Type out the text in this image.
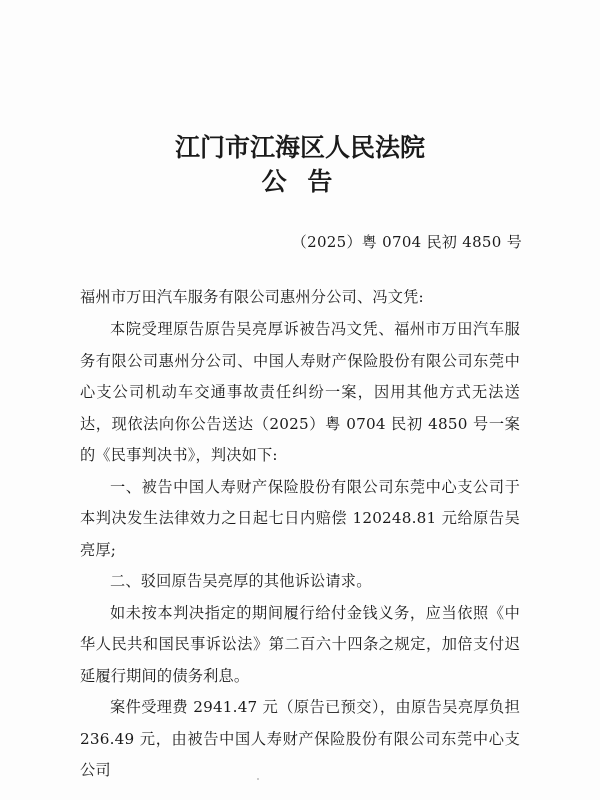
江门市江海区人民法院
公 告
（2025）粤 0704 民初 4850 号
福州市万田汽车服务有限公司惠州分公司、冯文凭:

本院受理原告原告吴亮厚诉被告冯文凭、福州市万田汽车服务有限公司惠州分公司、中国人寿财产保险股份有限公司东莞中心支公司机动车交通事故责任纠纷一案，因用其他方式无法送达，现依法向你公告送达（2025）粤 0704 民初 4850 号一案的《民事判决书》，判决如下:

一、被告中国人寿财产保险股份有限公司东莞中心支公司于本判决发生法律效力之日起七日内赔偿 120248.81 元给原告吴亮厚;

二、驳回原告吴亮厚的其他诉讼请求。

如未按本判决指定的期间履行给付金钱义务，应当依照《中华人民共和国民事诉讼法》第二百六十四条之规定，加倍支付迟延履行期间的债务利息。

案件受理费 2941.47 元（原告已预交），由原告吴亮厚负担236.49 元，由被告中国人寿财产保险股份有限公司东莞中心支公司
